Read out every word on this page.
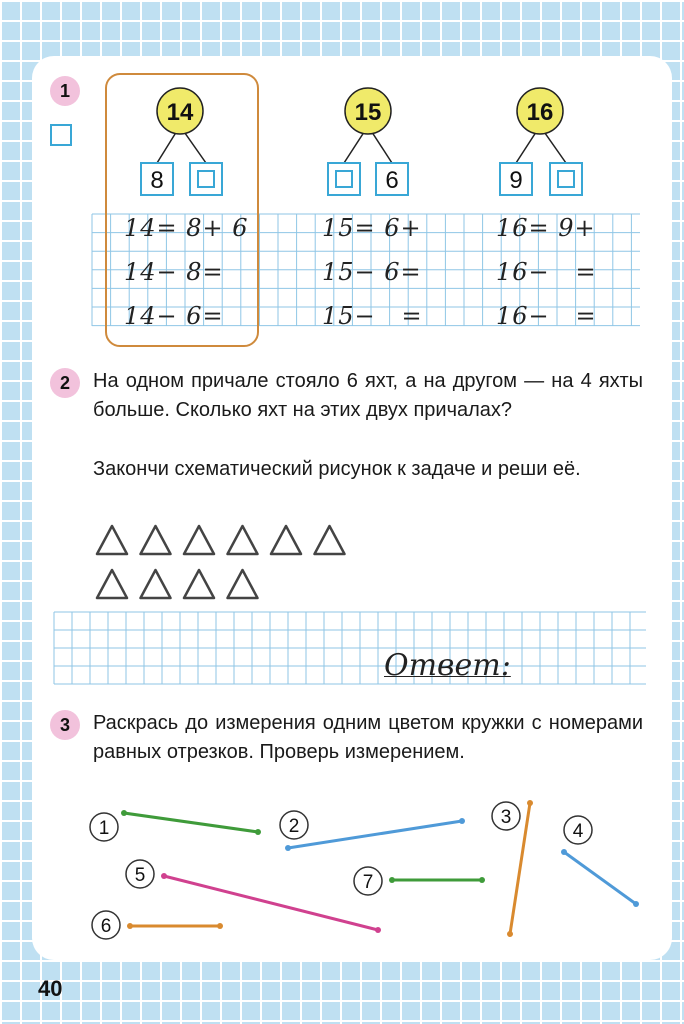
1
14
8
15
6
16
9
14= 8+ 6
14− 8=
14− 6=
15= 6+
15− 6=
15−   =
16= 9+
16−   =
16−   =
2 На одном причале стояло 6 яхт, а на другом — на 4 яхты больше. Сколько яхт на этих двух причалах?
Закончи схематический рисунок к задаче и реши её.
Ответ:
3 Раскрась до измерения одним цветом кружки с номерами равных отрезков. Проверь измерением.
1	2	3
4
5
6
7
40
